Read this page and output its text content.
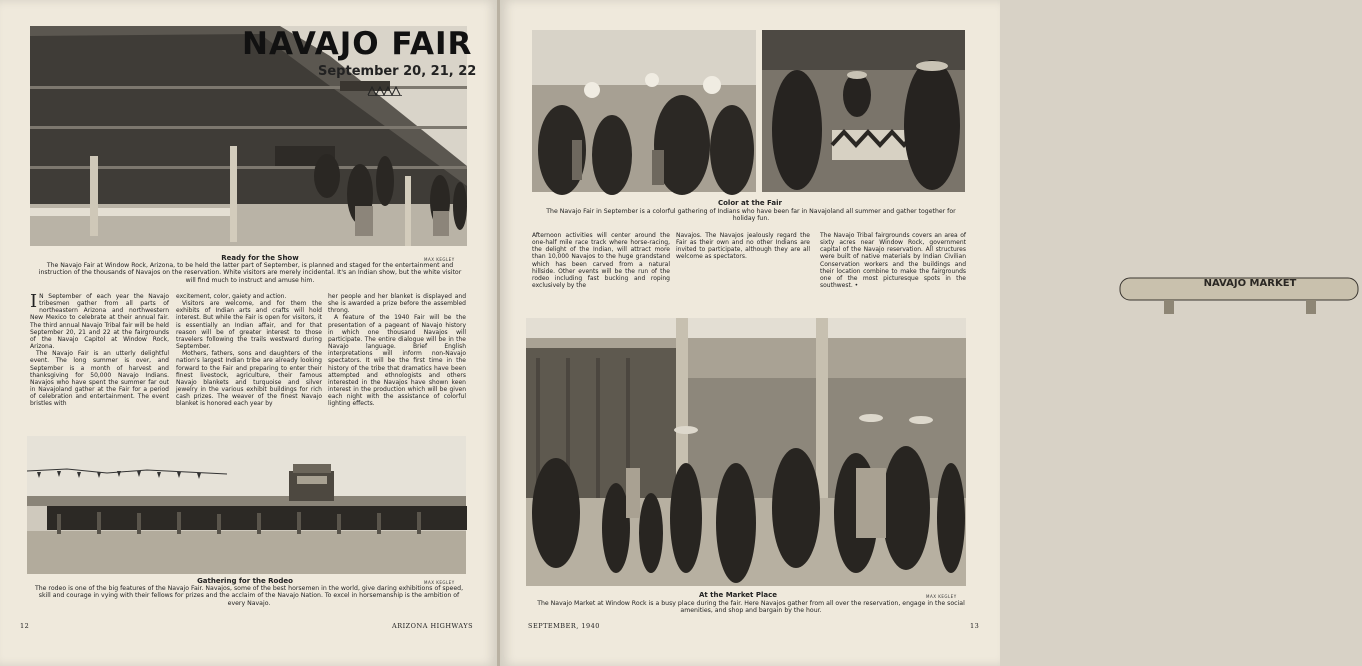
NAVAJO FAIR
September 20, 21, 22
Ready for the Show	MAX KEGLEY
The Navajo Fair at Window Rock, Arizona, to be held the latter part of September, is planned and staged for the entertainment and instruction of the thousands of Navajos on the reservation. White visitors are merely incidental. It's an Indian show, but the white visitor will find much to instruct and amuse him.

I N September of each year the Navajo tribesmen gather from all parts of northeastern Arizona and northwestern New Mexico to celebrate at their annual fair. The third annual Navajo Tribal fair will be held September 20, 21 and 22 at the fairgrounds of the Navajo Capitol at Window Rock, Arizona.

The Navajo Fair is an utterly delightful event. The long summer is over, and September is a month of harvest and thanksgiving for 50,000 Navajo Indians. Navajos who have spent the summer far out in Navajoland gather at the Fair for a period of celebration and entertainment. The event bristles with

excitement, color, gaiety and action.

Visitors are welcome, and for them the exhibits of Indian arts and crafts will hold interest. But while the Fair is open for visitors, it is essentially an Indian affair, and for that reason will be of greater interest to those travelers following the trails westward during September.

Mothers, fathers, sons and daughters of the nation's largest Indian tribe are already looking forward to the Fair and preparing to enter their finest livestock, agriculture, their famous Navajo blankets and turquoise and silver jewelry in the various exhibit buildings for rich cash prizes. The weaver of the finest Navajo blanket is honored each year by

her people and her blanket is displayed and she is awarded a prize before the assembled throng.

A feature of the 1940 Fair will be the presentation of a pageant of Navajo history in which one thousand Navajos will participate. The entire dialogue will be in the Navajo language. Brief English interpretations will inform non-Navajo spectators. It will be the first time in the history of the tribe that dramatics have been attempted and ethnologists and others interested in the Navajos have shown keen interest in the production which will be given each night with the assistance of colorful lighting effects.

Gathering for the Rodeo	MAX KEGLEY
The rodeo is one of the big features of the Navajo Fair. Navajos, some of the best horsemen in the world, give daring exhibitions of speed, skill and courage in vying with their fellows for prizes and the acclaim of the Navajo Nation. To excel in horsemanship is the ambition of every Navajo.
12	ARIZONA HIGHWAYS
Color at the Fair
The Navajo Fair in September is a colorful gathering of Indians who have been far in Navajoland all summer and gather together for holiday fun.

Afternoon activities will center around the one-half mile race track where horse-racing, the delight of the Indian, will attract more than 10,000 Navajos to the huge grandstand which has been carved from a natural hillside. Other events will be the run of the rodeo including fast bucking and roping exclusively by the

Navajos. The Navajos jealously regard the Fair as their own and no other Indians are invited to participate, although they are all welcome as spectators.

The Navajo Tribal fairgrounds covers an area of sixty acres near Window Rock, government capital of the Navajo reservation. All structures were built of native materials by Indian Civilian Conservation workers and the buildings and their location combine to make the fairgrounds one of the most picturesque spots in the southwest. •	NAVAJO MARKET
At the Market Place	MAX KEGLEY
The Navajo Market at Window Rock is a busy place during the fair. Here Navajos gather from all over the reservation, engage in the social amenities, and shop and bargain by the hour.
SEPTEMBER, 1940	13
